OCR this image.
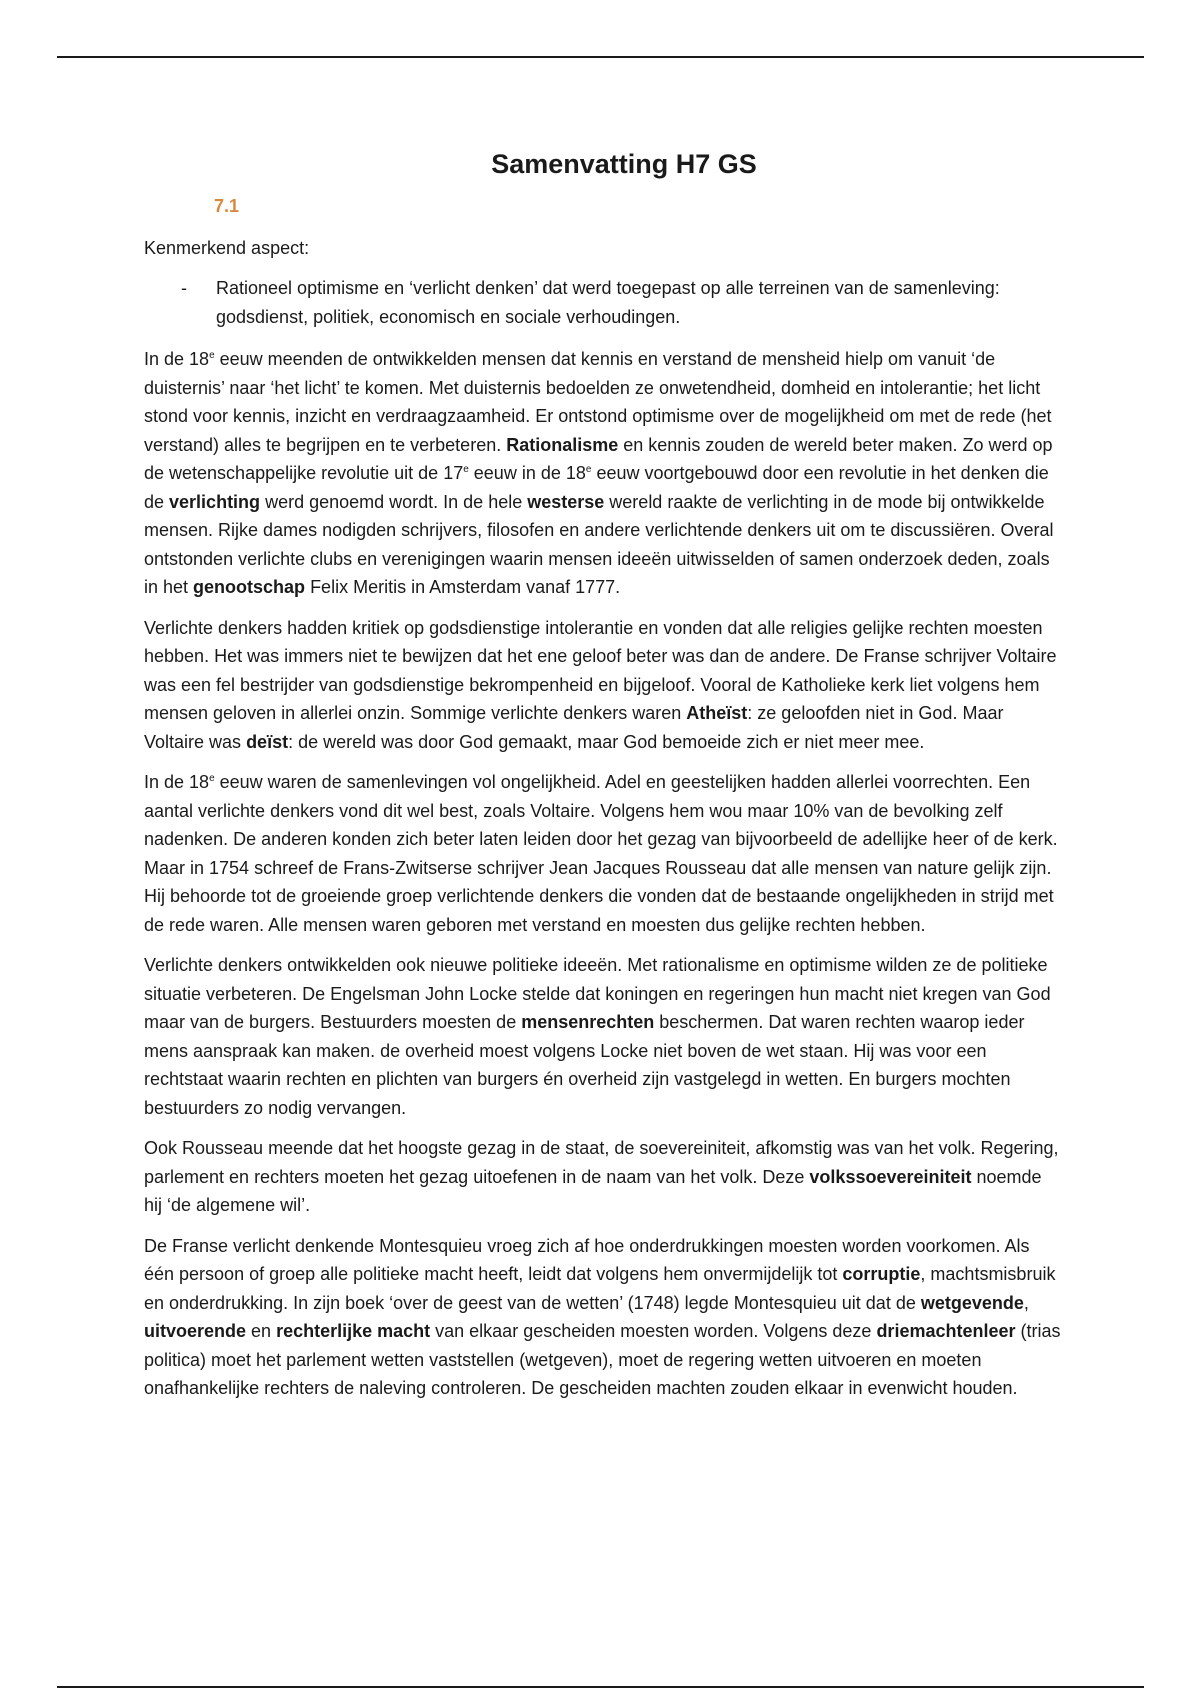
Samenvatting H7 GS
7.1
Kenmerkend aspect:
- Rationeel optimisme en ‘verlicht denken’ dat werd toegepast op alle terreinen van de samenleving: godsdienst, politiek, economisch en sociale verhoudingen.

In de 18e eeuw meenden de ontwikkelden mensen dat kennis en verstand de mensheid hielp om vanuit ‘de duisternis’ naar ‘het licht’ te komen. Met duisternis bedoelden ze onwetendheid, domheid en intolerantie; het licht stond voor kennis, inzicht en verdraagzaamheid. Er ontstond optimisme over de mogelijkheid om met de rede (het verstand) alles te begrijpen en te verbeteren. Rationalisme en kennis zouden de wereld beter maken. Zo werd op de wetenschappelijke revolutie uit de 17e eeuw in de 18e eeuw voortgebouwd door een revolutie in het denken die de verlichting werd genoemd wordt. In de hele westerse wereld raakte de verlichting in de mode bij ontwikkelde mensen. Rijke dames nodigden schrijvers, filosofen en andere verlichtende denkers uit om te discussiëren. Overal ontstonden verlichte clubs en verenigingen waarin mensen ideeën uitwisselden of samen onderzoek deden, zoals in het genootschap Felix Meritis in Amsterdam vanaf 1777.

Verlichte denkers hadden kritiek op godsdienstige intolerantie en vonden dat alle religies gelijke rechten moesten hebben. Het was immers niet te bewijzen dat het ene geloof beter was dan de andere. De Franse schrijver Voltaire was een fel bestrijder van godsdienstige bekrompenheid en bijgeloof. Vooral de Katholieke kerk liet volgens hem mensen geloven in allerlei onzin. Sommige verlichte denkers waren Atheïst: ze geloofden niet in God. Maar Voltaire was deïst: de wereld was door God gemaakt, maar God bemoeide zich er niet meer mee.

In de 18e eeuw waren de samenlevingen vol ongelijkheid. Adel en geestelijken hadden allerlei voorrechten. Een aantal verlichte denkers vond dit wel best, zoals Voltaire. Volgens hem wou maar 10% van de bevolking zelf nadenken. De anderen konden zich beter laten leiden door het gezag van bijvoorbeeld de adellijke heer of de kerk. Maar in 1754 schreef de Frans-Zwitserse schrijver Jean Jacques Rousseau dat alle mensen van nature gelijk zijn. Hij behoorde tot de groeiende groep verlichtende denkers die vonden dat de bestaande ongelijkheden in strijd met de rede waren. Alle mensen waren geboren met verstand en moesten dus gelijke rechten hebben.

Verlichte denkers ontwikkelden ook nieuwe politieke ideeën. Met rationalisme en optimisme wilden ze de politieke situatie verbeteren. De Engelsman John Locke stelde dat koningen en regeringen hun macht niet kregen van God maar van de burgers. Bestuurders moesten de mensenrechten beschermen. Dat waren rechten waarop ieder mens aanspraak kan maken. de overheid moest volgens Locke niet boven de wet staan. Hij was voor een rechtstaat waarin rechten en plichten van burgers én overheid zijn vastgelegd in wetten. En burgers mochten bestuurders zo nodig vervangen.

Ook Rousseau meende dat het hoogste gezag in de staat, de soevereiniteit, afkomstig was van het volk. Regering, parlement en rechters moeten het gezag uitoefenen in de naam van het volk. Deze volkssoevereiniteit noemde hij ‘de algemene wil’.

De Franse verlicht denkende Montesquieu vroeg zich af hoe onderdrukkingen moesten worden voorkomen. Als één persoon of groep alle politieke macht heeft, leidt dat volgens hem onvermijdelijk tot corruptie, machtsmisbruik en onderdrukking. In zijn boek ‘over de geest van de wetten’ (1748) legde Montesquieu uit dat de wetgevende, uitvoerende en rechterlijke macht van elkaar gescheiden moesten worden. Volgens deze driemachtenleer (trias politica) moet het parlement wetten vaststellen (wetgeven), moet de regering wetten uitvoeren en moeten onafhankelijke rechters de naleving controleren. De gescheiden machten zouden elkaar in evenwicht houden.
